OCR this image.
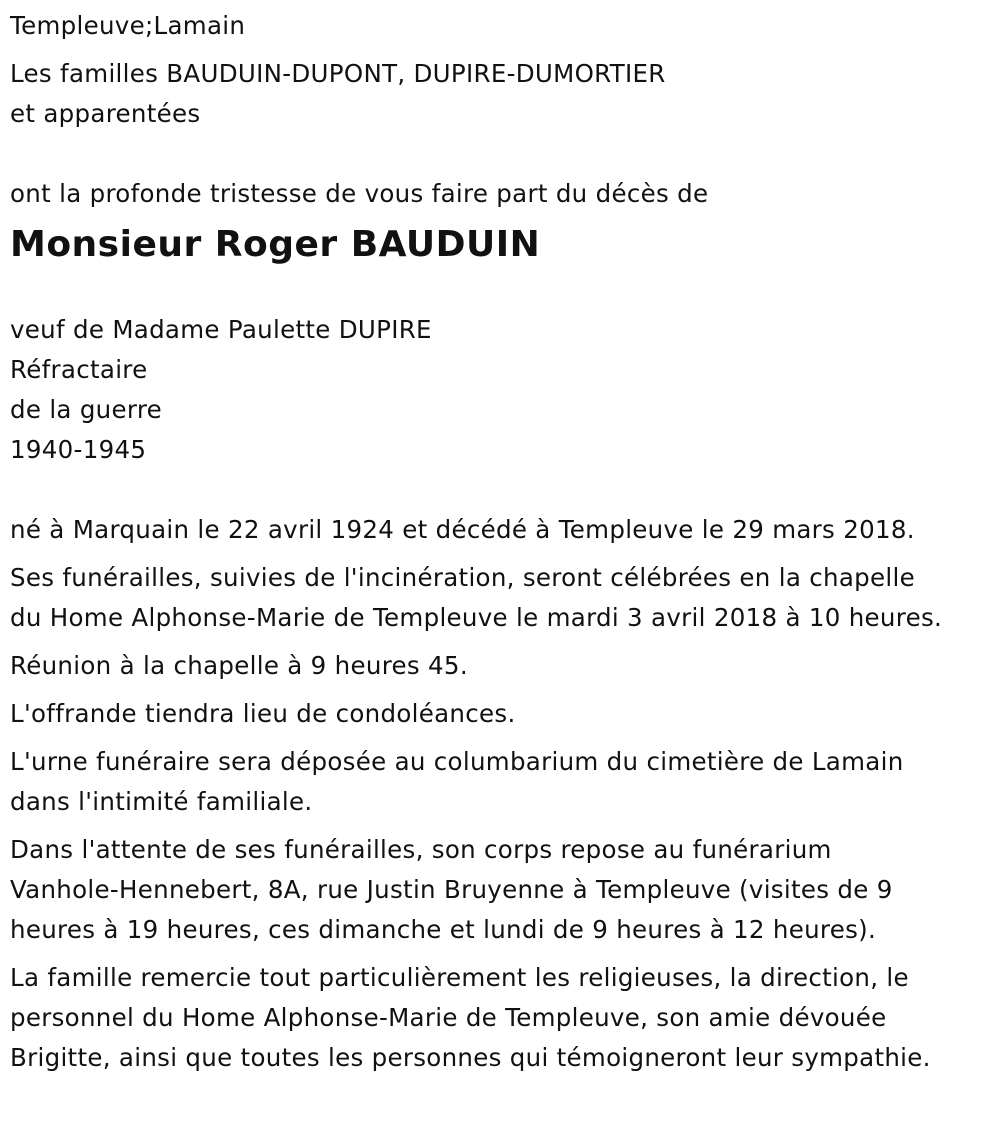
Templeuve;Lamain
Les familles BAUDUIN-DUPONT, DUPIRE-DUMORTIER
et apparentées
ont la profonde tristesse de vous faire part du décès de
Monsieur Roger BAUDUIN
veuf de Madame Paulette DUPIRE
Réfractaire
de la guerre
1940-1945
né à Marquain le 22 avril 1924 et décédé à Templeuve le 29 mars 2018.
Ses funérailles, suivies de l'incinération, seront célébrées en la chapelle
du Home Alphonse-Marie de Templeuve le mardi 3 avril 2018 à 10 heures.
Réunion à la chapelle à 9 heures 45.
L'offrande tiendra lieu de condoléances.
L'urne funéraire sera déposée au columbarium du cimetière de Lamain
dans l'intimité familiale.
Dans l'attente de ses funérailles, son corps repose au funérarium
Vanhole-Hennebert, 8A, rue Justin Bruyenne à Templeuve (visites de 9
heures à 19 heures, ces dimanche et lundi de 9 heures à 12 heures).
La famille remercie tout particulièrement les religieuses, la direction, le
personnel du Home Alphonse-Marie de Templeuve, son amie dévouée
Brigitte, ainsi que toutes les personnes qui témoigneront leur sympathie.
